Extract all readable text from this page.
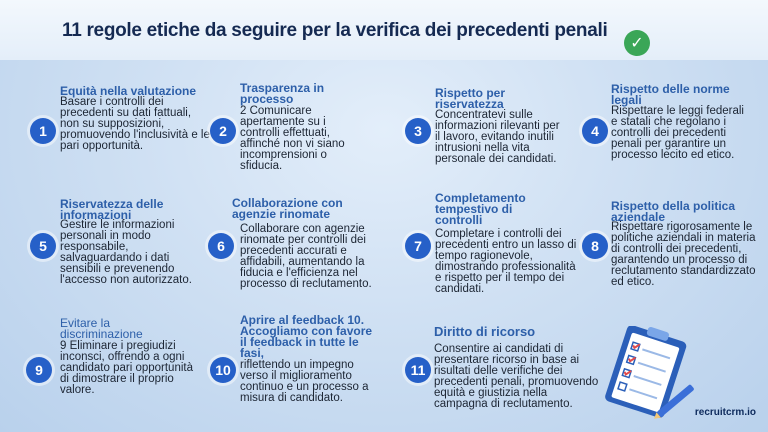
11 regole etiche da seguire per la verifica dei precedenti penali
✓
1
Equità nella valutazione
Basare i controlli dei precedenti su dati fattuali, non su supposizioni, promuovendo l'inclusività e le pari opportunità.
2
Trasparenza in processo
2 Comunicare apertamente su i controlli effettuati, affinché non vi siano incomprensioni o sfiducia.
3
Rispetto per riservatezza
Concentratevi sulle informazioni rilevanti per il lavoro, evitando inutili intrusioni nella vita personale dei candidati.
4
Rispetto delle norme legali
Rispettare le leggi federali e statali che regolano i controlli dei precedenti penali per garantire un processo lecito ed etico.
5
Riservatezza delle informazioni
Gestire le informazioni personali in modo responsabile, salvaguardando i dati sensibili e prevenendo l'accesso non autorizzato.
6
Collaborazione con agenzie rinomate
Collaborare con agenzie rinomate per controlli dei precedenti accurati e affidabili, aumentando la fiducia e l'efficienza nel processo di reclutamento.
7
Completamento tempestivo di controlli
Completare i controlli dei precedenti entro un lasso di tempo ragionevole, dimostrando professionalità e rispetto per il tempo dei candidati.
8
Rispetto della politica aziendale
Rispettare rigorosamente le politiche aziendali in materia di controlli dei precedenti, garantendo un processo di reclutamento standardizzato ed etico.
9
Evitare la discriminazione
9 Eliminare i pregiudizi inconsci, offrendo a ogni candidato pari opportunità di dimostrare il proprio valore.
10
Aprire al feedback 10. Accogliamo con favore il feedback in tutte le fasi,
riflettendo un impegno verso il miglioramento continuo e un processo a misura di candidato.
11
Diritto di ricorso
Consentire ai candidati di presentare ricorso in base ai risultati delle verifiche dei precedenti penali, promuovendo equità e giustizia nella campagna di reclutamento.
recruitcrm.io
